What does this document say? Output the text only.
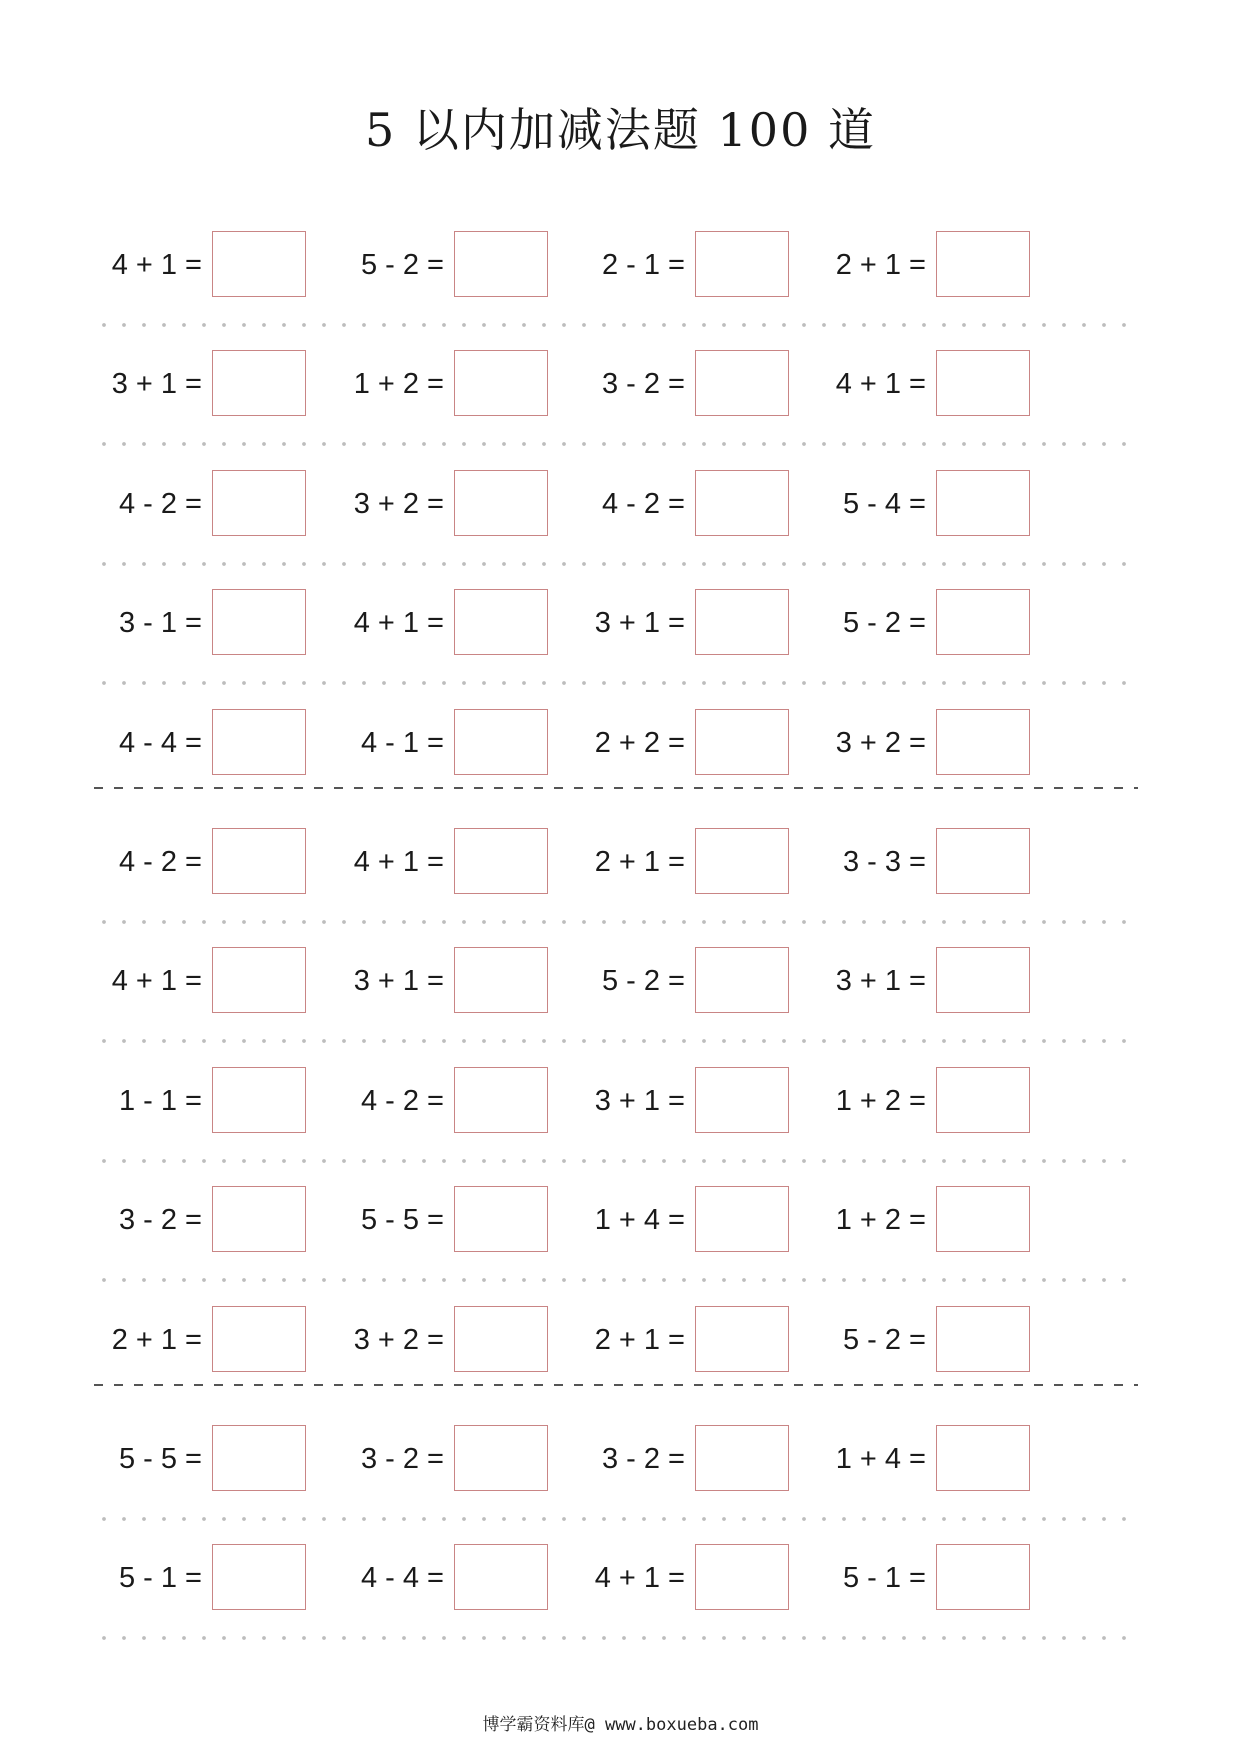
5 以内加减法题 100 道
4 + 1 =	5 - 2 =	2 - 1 =	2 + 1 =
3 + 1 =	1 + 2 =	3 - 2 =	4 + 1 =
4 - 2 =	3 + 2 =	4 - 2 =	5 - 4 =
3 - 1 =	4 + 1 =	3 + 1 =	5 - 2 =
4 - 4 =	4 - 1 =	2 + 2 =	3 + 2 =
4 - 2 =	4 + 1 =	2 + 1 =	3 - 3 =
4 + 1 =	3 + 1 =	5 - 2 =	3 + 1 =
1 - 1 =	4 - 2 =	3 + 1 =	1 + 2 =
3 - 2 =	5 - 5 =	1 + 4 =	1 + 2 =
2 + 1 =	3 + 2 =	2 + 1 =	5 - 2 =
5 - 5 =	3 - 2 =	3 - 2 =	1 + 4 =
5 - 1 =	4 - 4 =	4 + 1 =	5 - 1 =
博学霸资料库@ www.boxueba.com
